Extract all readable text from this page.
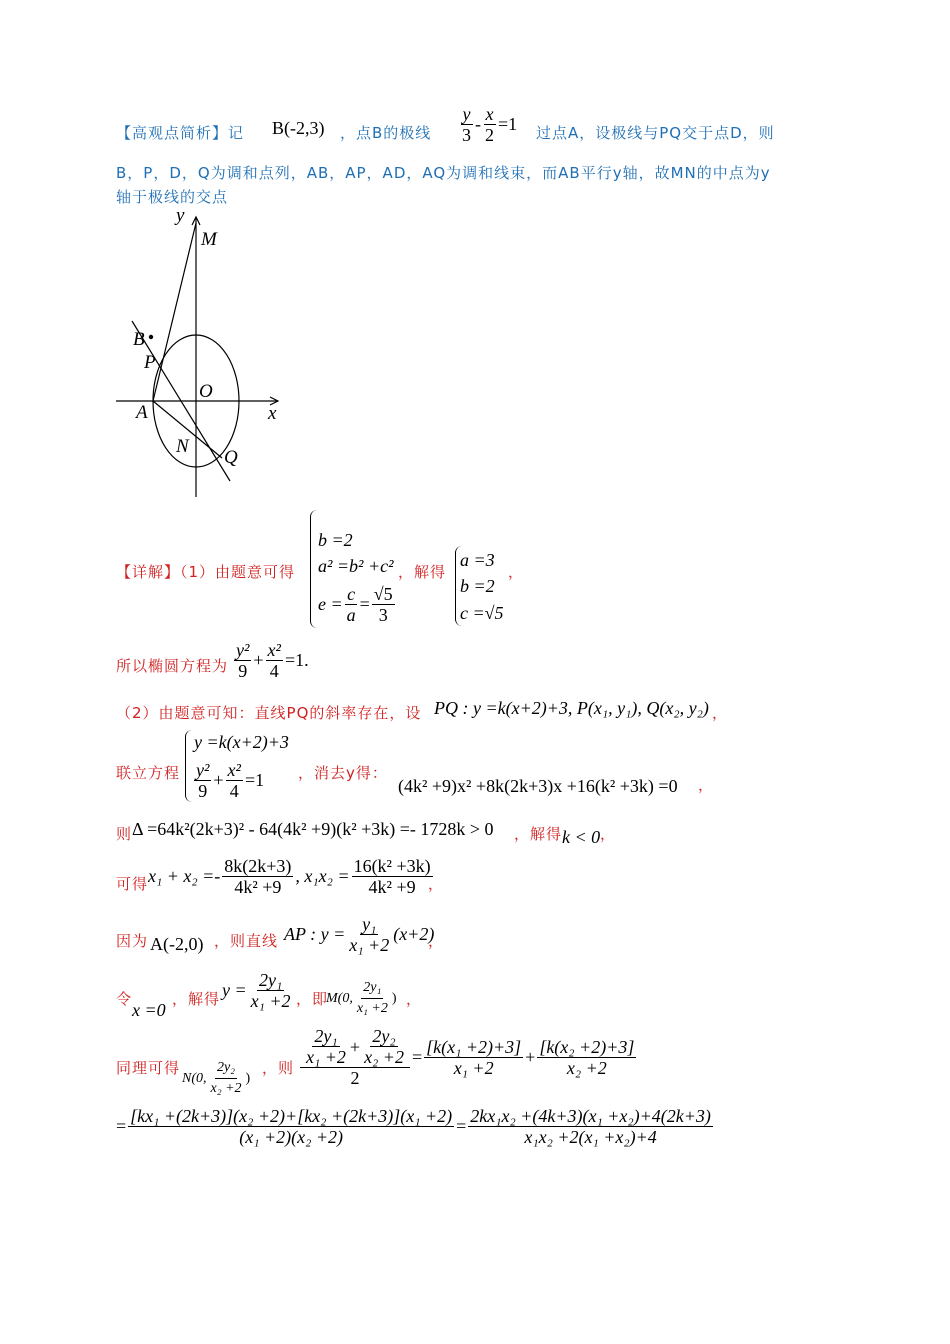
【高观点简析】记 B(-2,3) ，点B的极线 $\frac{y}{3} - \frac{x}{2} =1$ 过点A，设极线与PQ交于点D，则
B，P，D，Q为调和点列，AB，AP，AD，AQ为调和线束，而AB平行y轴，故MN的中点为y
轴于极线的交点
y
M
B
P
O
A	x
N
Q
【详解】（1）由题意可得
b =2
a² =b² +c²
$e = \frac{c}{a} = \frac{√5}{3}$
，解得
a =3
b =2
c =√5
，
所以椭圆方程为 $\frac{\text{y²}}{9} + \frac{\text{x²}}{4} =1$.
（2）由题意可知：直线PQ的斜率存在，设 PQ : y =k(x+2)+3, P(x₁, y₁), Q(x₂, y₂) ，
联立方程
y =k(x+2)+3
$\frac{\text{y²}}{9} + \frac{\text{x²}}{4} =1$ ，消去y得：
(4k² +9)x² +8k(2k+3)x +16(k² +3k) =0 ，
则 Δ =64k²(2k+3)² - 64(4k² +9)(k² +3k) =- 1728k > 0 ，解得 k < 0 ，
可得 $x_1 + x_2 =- \frac{8k(2k+3)}{\text{4k² +9}}$ , $x_1x_2 = \frac{\text{16(k² +3k)}}{\text{4k² +9}}$
，
因为 A(-2,0) ，则直线 AP : $y = \frac{\text{y₁}}{\text{x₁ +2}} (x+2)$
，
令
x =0
，解得 $y = \frac{\text{2y₁}}{\text{x₁ +2}}$ ，即
M(0, $\frac{\text{2y₁}}{\text{x₁ +2}}$ ) ，
同理可得
N(0, $\frac{\text{2y₂}}{\text{x₂ +2}}$ )
，则 $\frac{\frac{\text{2y₁}}{\text{x₁ +2}} + \frac{\text{2y₂}}{\text{x₂ +2}}}{2} = \frac{\text{[k(x₁ +2)+3]}}{\text{x₁ +2}} + \frac{\text{[k(x₂ +2)+3]}}{\text{x₂ +2}}$
= $\frac{\text{[kx₁ +(2k+3)](x₂ +2)+[kx₂ +(2k+3)](x₁ +2)}}{\text{(x₁ +2)(x₂ +2)}} = \frac{\text{2kx₁x₂ +(4k+3)(x₁ +x₂)+4(2k+3)}}{\text{x₁x₂ +2(x₁ +x₂)+4}}$
